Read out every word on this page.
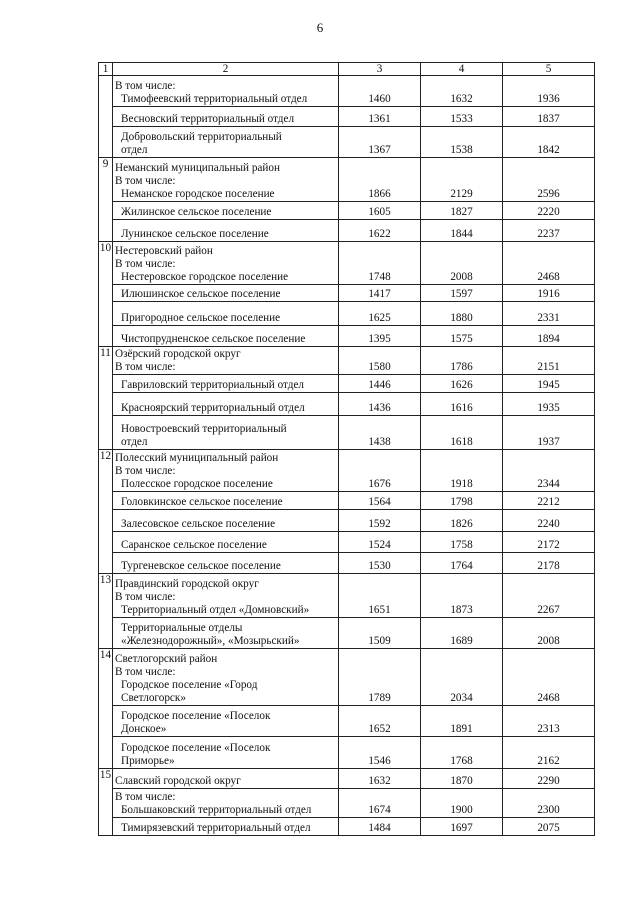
6
1	2	3	4	5

	В том числе:
Тимофеевский территориальный отдел	1460	1632	1936

	Весновский территориальный отдел	1361	1533	1837

	Добровольский территориальный
отдел	1367	1538	1842
9	Неманский муниципальный район
В том числе:
Неманское городское поселение	1866	2129	2596

	Жилинское сельское поселение	1605	1827	2220

	Лунинское сельское поселение	1622	1844	2237
10	Нестеровский район
В том числе:
Нестеровское городское поселение	1748	2008	2468

	Илюшинское сельское поселение	1417	1597	1916

	Пригородное сельское поселение	1625	1880	2331

	Чистопрудненское сельское поселение	1395	1575	1894
11	Озёрский городской округ
В том числе:	1580	1786	2151

	Гавриловский территориальный отдел	1446	1626	1945

	Красноярский территориальный отдел	1436	1616	1935

	Новостроевский территориальный
отдел	1438	1618	1937
12	Полесский муниципальный район
В том числе:
Полесское городское поселение	1676	1918	2344

	Головкинское сельское поселение	1564	1798	2212

	Залесовское сельское поселение	1592	1826	2240

	Саранское сельское поселение	1524	1758	2172

	Тургеневское сельское поселение	1530	1764	2178
13	Правдинский городской округ
В том числе:
Территориальный отдел «Домновский»	1651	1873	2267

	Территориальные отделы
«Железнодорожный», «Мозырьский»	1509	1689	2008
14	Светлогорский район
В том числе:
Городское поселение «Город
Светлогорск»	1789	2034	2468

	Городское поселение «Поселок
Донское»	1652	1891	2313

	Городское поселение «Поселок
Приморье»	1546	1768	2162
15	Славский городской округ	1632	1870	2290

	В том числе:
Большаковский территориальный отдел	1674	1900	2300

	Тимирязевский территориальный отдел	1484	1697	2075
